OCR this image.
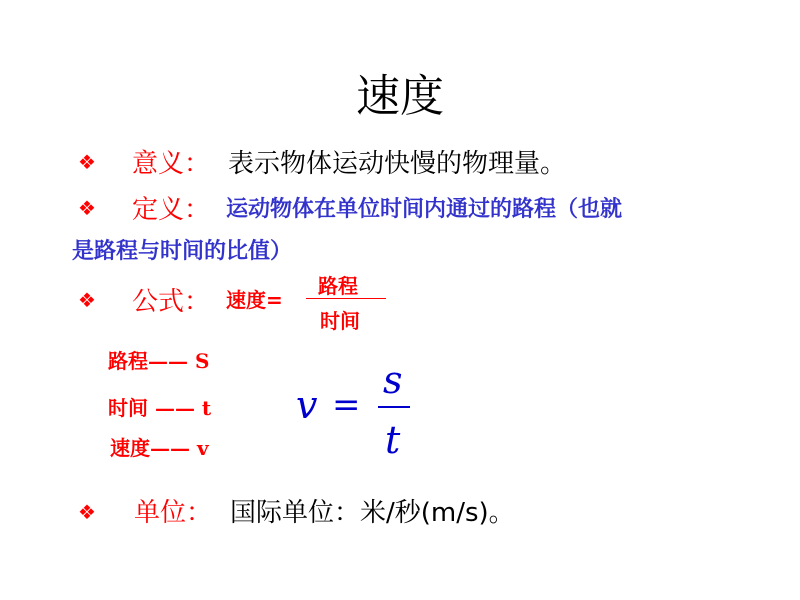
速度
❖ 意义： 表示物体运动快慢的物理量。
❖ 定义： 运动物体在单位时间内通过的路程（也就
是路程与时间的比值）
❖ 公式： 速度=
路程
时间
路程—— S
时间 —— t
速度—— v
v =
s
t
❖ 单位： 国际单位：米/秒(m/s)。
